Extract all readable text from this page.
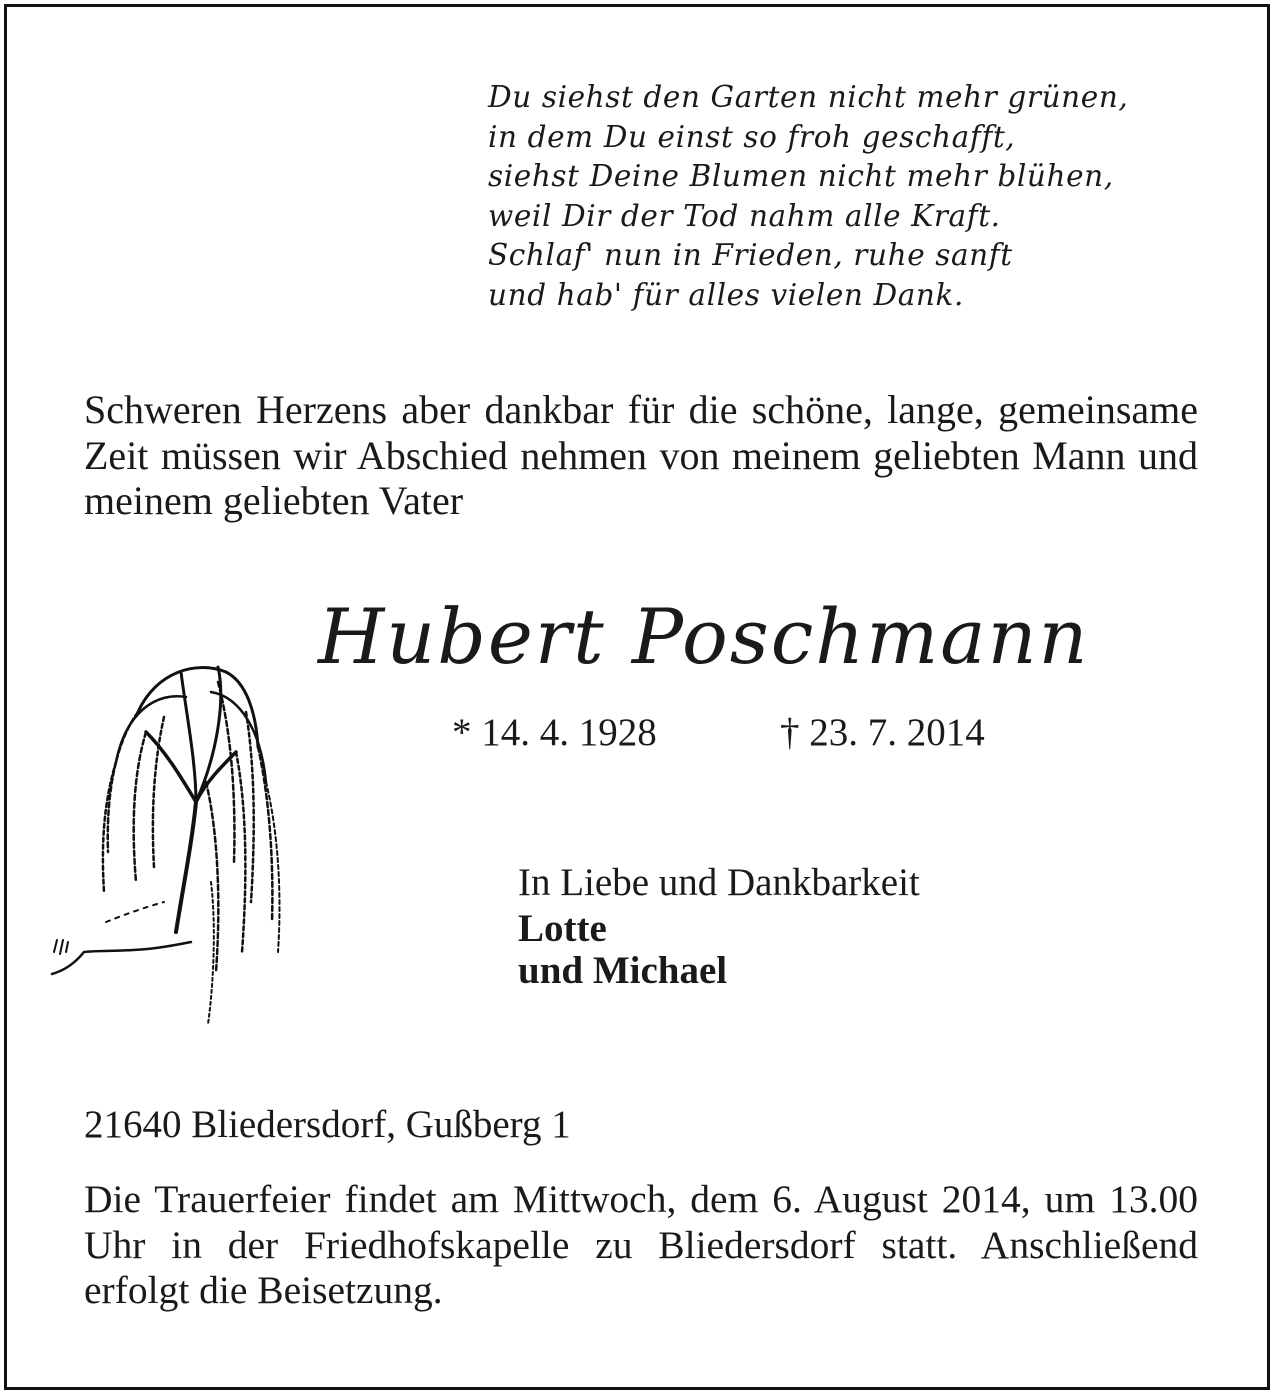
Du siehst den Garten nicht mehr grünen,
in dem Du einst so froh geschafft,
siehst Deine Blumen nicht mehr blühen,
weil Dir der Tod nahm alle Kraft.
Schlaf' nun in Frieden, ruhe sanft
und hab' für alles vielen Dank.
Schweren Herzens aber dankbar für die schöne, lange, gemeinsame Zeit müssen wir Abschied nehmen von meinem geliebten Mann und meinem geliebten Vater
Hubert Poschmann
* 14. 4. 1928	† 23. 7. 2014
In Liebe und Dankbarkeit
Lotte
und Michael
21640 Bliedersdorf, Gußberg 1
Die Trauerfeier findet am Mittwoch, dem 6. August 2014, um 13.00 Uhr in der Friedhofskapelle zu Bliedersdorf statt. Anschließend erfolgt die Beisetzung.
